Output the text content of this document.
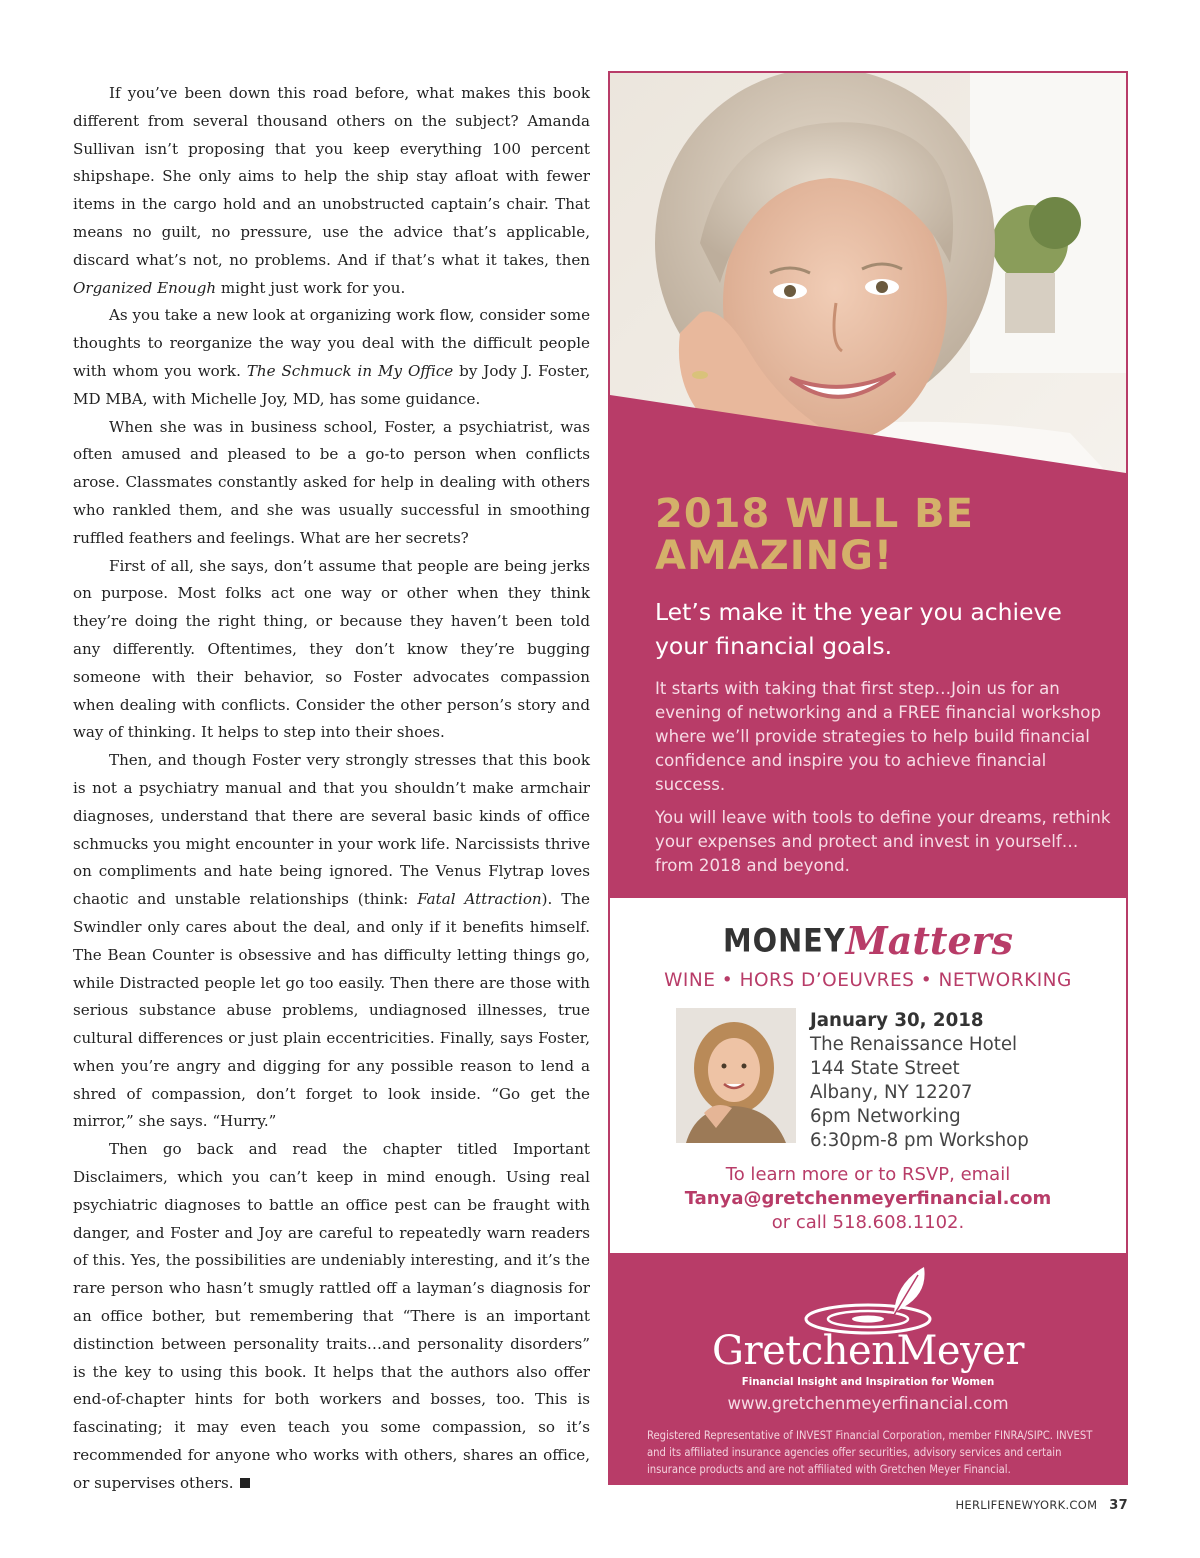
If you’ve been down this road before, what makes this book different from several thousand others on the subject? Amanda Sullivan isn’t proposing that you keep everything 100 percent shipshape. She only aims to help the ship stay afloat with fewer items in the cargo hold and an unobstructed captain’s chair. That means no guilt, no pressure, use the advice that’s applicable, discard what’s not, no problems. And if that’s what it takes, then Organized Enough might just work for you.

As you take a new look at organizing work flow, consider some thoughts to reorganize the way you deal with the difficult people with whom you work. The Schmuck in My Office by Jody J. Foster, MD MBA, with Michelle Joy, MD, has some guidance.

When she was in business school, Foster, a psychiatrist, was often amused and pleased to be a go-to person when conflicts arose. Classmates constantly asked for help in dealing with others who rankled them, and she was usually successful in smoothing ruffled feathers and feelings. What are her secrets?

First of all, she says, don’t assume that people are being jerks on purpose. Most folks act one way or other when they think they’re doing the right thing, or because they haven’t been told any differently. Oftentimes, they don’t know they’re bugging someone with their behavior, so Foster advocates compassion when dealing with conflicts. Consider the other person’s story and way of thinking. It helps to step into their shoes.

Then, and though Foster very strongly stresses that this book is not a psychiatry manual and that you shouldn’t make armchair diagnoses, understand that there are several basic kinds of office schmucks you might encounter in your work life. Narcissists thrive on compliments and hate being ignored. The Venus Flytrap loves chaotic and unstable relationships (think: Fatal Attraction). The Swindler only cares about the deal, and only if it benefits himself. The Bean Counter is obsessive and has difficulty letting things go, while Distracted people let go too easily. Then there are those with serious substance abuse problems, undiagnosed illnesses, true cultural differences or just plain eccentricities. Finally, says Foster, when you’re angry and digging for any possible reason to lend a shred of compassion, don’t forget to look inside. “Go get the mirror,” she says. “Hurry.”

Then go back and read the chapter titled Important Disclaimers, which you can’t keep in mind enough. Using real psychiatric diagnoses to battle an office pest can be fraught with danger, and Foster and Joy are careful to repeatedly warn readers of this. Yes, the possibilities are undeniably interesting, and it’s the rare person who hasn’t smugly rattled off a layman’s diagnosis for an office bother, but remembering that “There is an important distinction between personality traits…and personality disorders” is the key to using this book. It helps that the authors also offer end-of-chapter hints for both workers and bosses, too. This is fascinating; it may even teach you some compassion, so it’s recommended for anyone who works with others, shares an office, or supervises others.

2018 WILL BE
AMAZING!

Let’s make it the year you achieve your financial goals.

It starts with taking that first step…Join us for an evening of networking and a FREE financial workshop where we’ll provide strategies to help build financial confidence and inspire you to achieve financial success.

You will leave with tools to define your dreams, rethink your expenses and protect and invest in yourself…from 2018 and beyond.

MONEYMatters
WINE • HORS D’OEUVRES • NETWORKING
January 30, 2018
The Renaissance Hotel
144 State Street
Albany, NY 12207
6pm Networking
6:30pm-8 pm Workshop
To learn more or to RSVP, email
Tanya@gretchenmeyerfinancial.com
or call 518.608.1102.

GretchenMeyer

Financial Insight and Inspiration for Women
www.gretchenmeyerfinancial.com
Registered Representative of INVEST Financial Corporation, member FINRA/SIPC. INVEST and its affiliated insurance agencies offer securities, advisory services and certain insurance products and are not affiliated with Gretchen Meyer Financial.
HERLIFENEWYORK.COM 37
